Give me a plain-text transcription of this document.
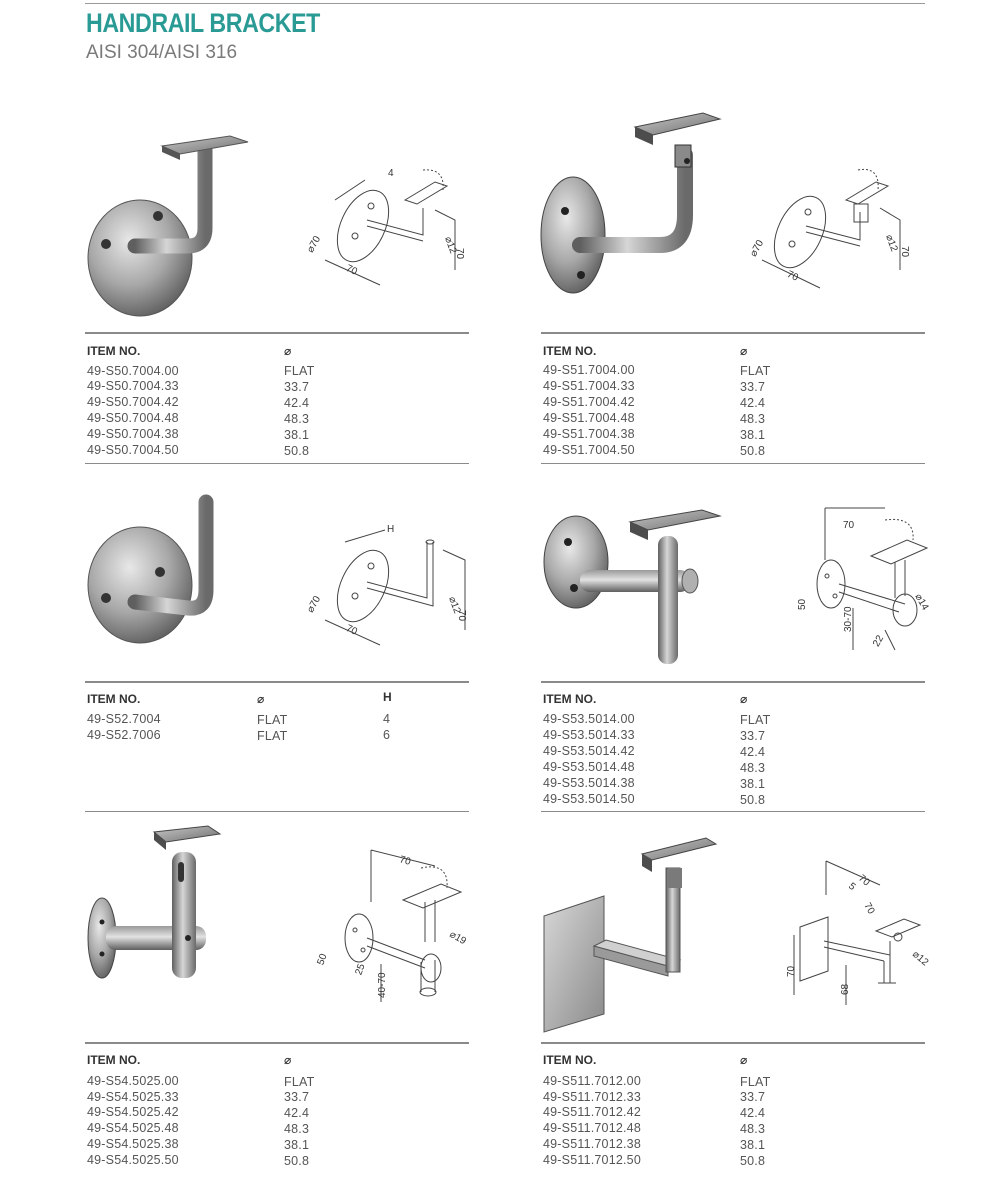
HANDRAIL BRACKET
AISI 304/AISI 316
⌀70
70
⌀12
70
4
ITEM NO.	⌀
49-S50.7004.00	FLAT
49-S50.7004.33	33.7
49-S50.7004.42	42.4
49-S50.7004.48	48.3
49-S50.7004.38	38.1
49-S50.7004.50	50.8
⌀70
70
⌀12 70
ITEM NO.	⌀
49-S51.7004.00	FLAT
49-S51.7004.33	33.7
49-S51.7004.42	42.4
49-S51.7004.48	48.3
49-S51.7004.38	38.1
49-S51.7004.50	50.8
⌀70
70
⌀12
70
H
ITEM NO.	⌀	H
49-S52.7004	FLAT	4
49-S52.7006	FLAT	6
70
50
30-70
22
⌀14
ITEM NO.	⌀
49-S53.5014.00	FLAT
49-S53.5014.33	33.7
49-S53.5014.42	42.4
49-S53.5014.48	48.3
49-S53.5014.38	38.1
49-S53.5014.50	50.8
70
50
25
40-70
⌀19
ITEM NO.	⌀
49-S54.5025.00	FLAT
49-S54.5025.33	33.7
49-S54.5025.42	42.4
49-S54.5025.48	48.3
49-S54.5025.38	38.1
49-S54.5025.50	50.8
70
5
70
70
68
⌀12
ITEM NO.	⌀
49-S511.7012.00	FLAT
49-S511.7012.33	33.7
49-S511.7012.42	42.4
49-S511.7012.48	48.3
49-S511.7012.38	38.1
49-S511.7012.50	50.8
